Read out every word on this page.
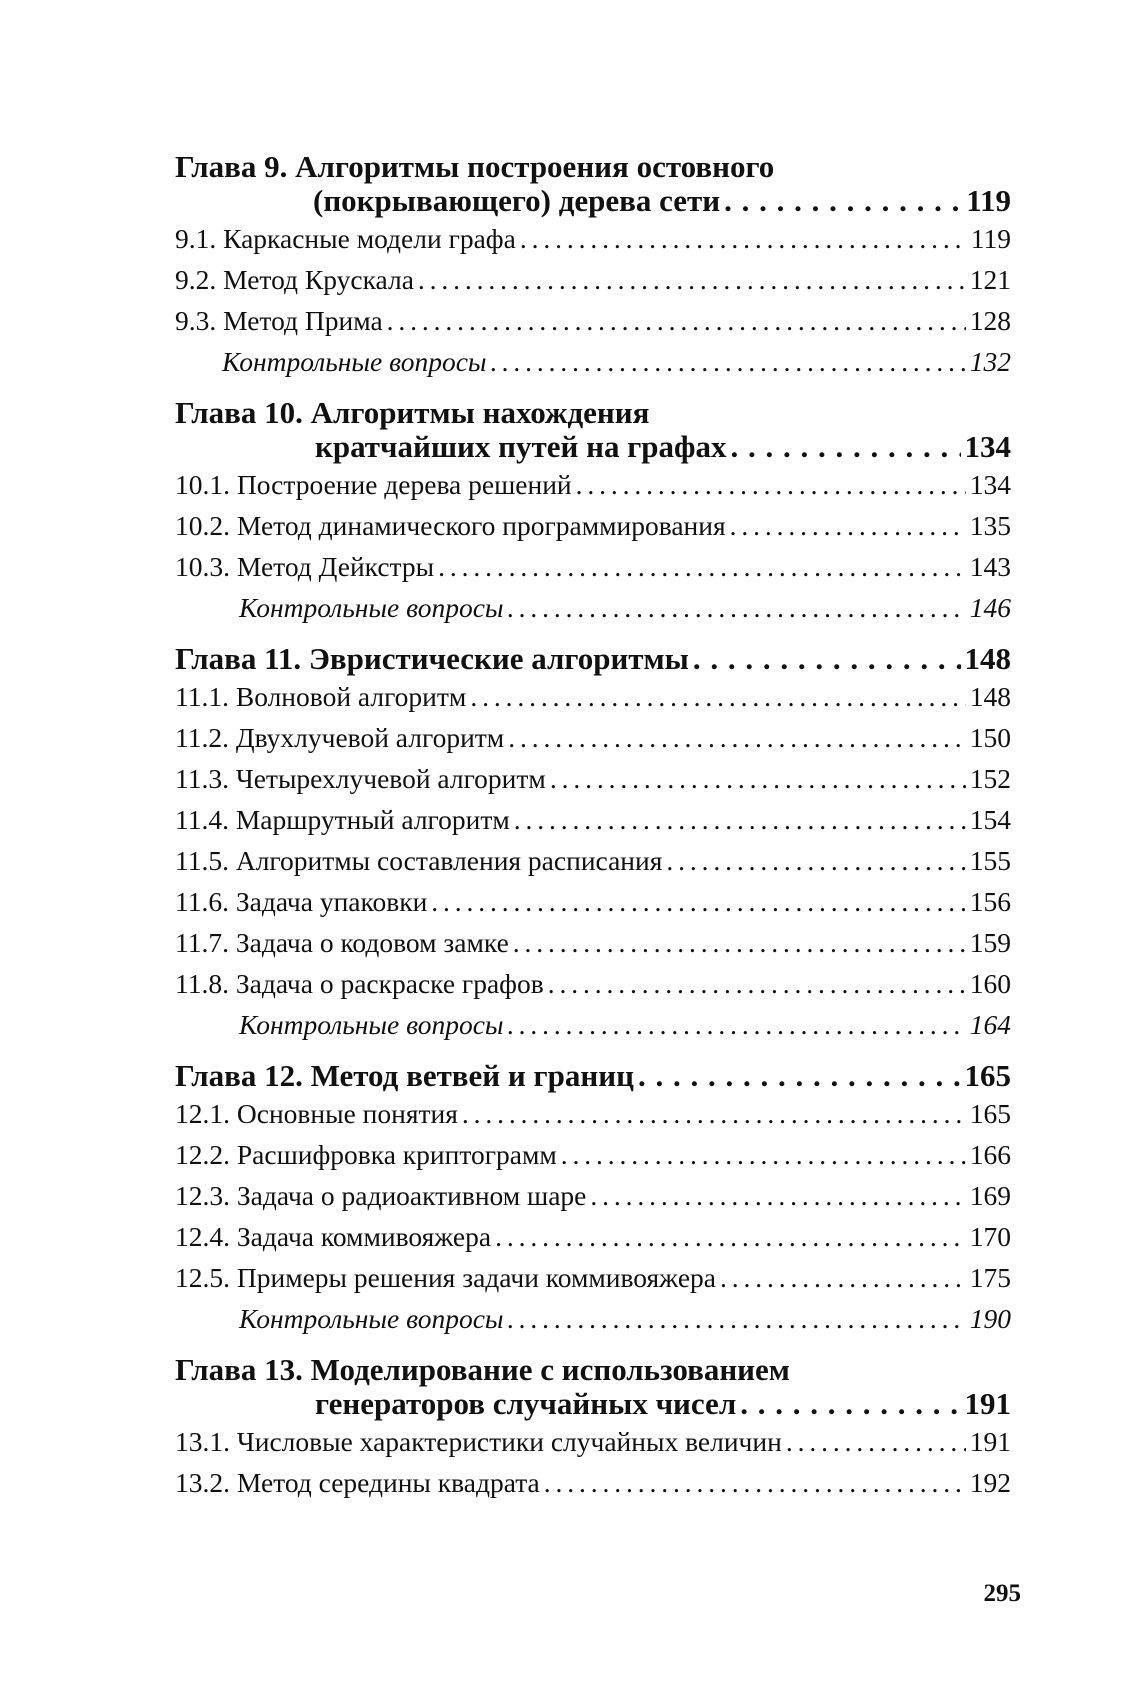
Глава 9. Алгоритмы построения остовного
(покрывающего) дерева сети . . .	119
9.1. Каркасные модели графа . . .	119
9.2. Метод Крускала . . .	121
9.3. Метод Прима . . .	128
Контрольные вопросы . . .	132
Глава 10. Алгоритмы нахождения
кратчайших путей на графах . . .	134
10.1. Построение дерева решений . . .	134
10.2. Метод динамического программирования . . .	135
10.3. Метод Дейкстры . . .	143
Контрольные вопросы . . .	146
Глава 11. Эвристические алгоритмы . . .	148
11.1. Волновой алгоритм . . .	148
11.2. Двухлучевой алгоритм . . .	150
11.3. Четырехлучевой алгоритм . . .	152
11.4. Маршрутный алгоритм . . .	154
11.5. Алгоритмы составления расписания . . .	155
11.6. Задача упаковки . . .	156
11.7. Задача о кодовом замке . . .	159
11.8. Задача о раскраске графов . . .	160
Контрольные вопросы . . .	164
Глава 12. Метод ветвей и границ . . .	165
12.1. Основные понятия . . .	165
12.2. Расшифровка криптограмм . . .	166
12.3. Задача о радиоактивном шаре . . .	169
12.4. Задача коммивояжера . . .	170
12.5. Примеры решения задачи коммивояжера . . .	175
Контрольные вопросы . . .	190
Глава 13. Моделирование с использованием
генераторов случайных чисел . . .	191
13.1. Числовые характеристики случайных величин . . .	191
13.2. Метод середины квадрата . . .	192
295
